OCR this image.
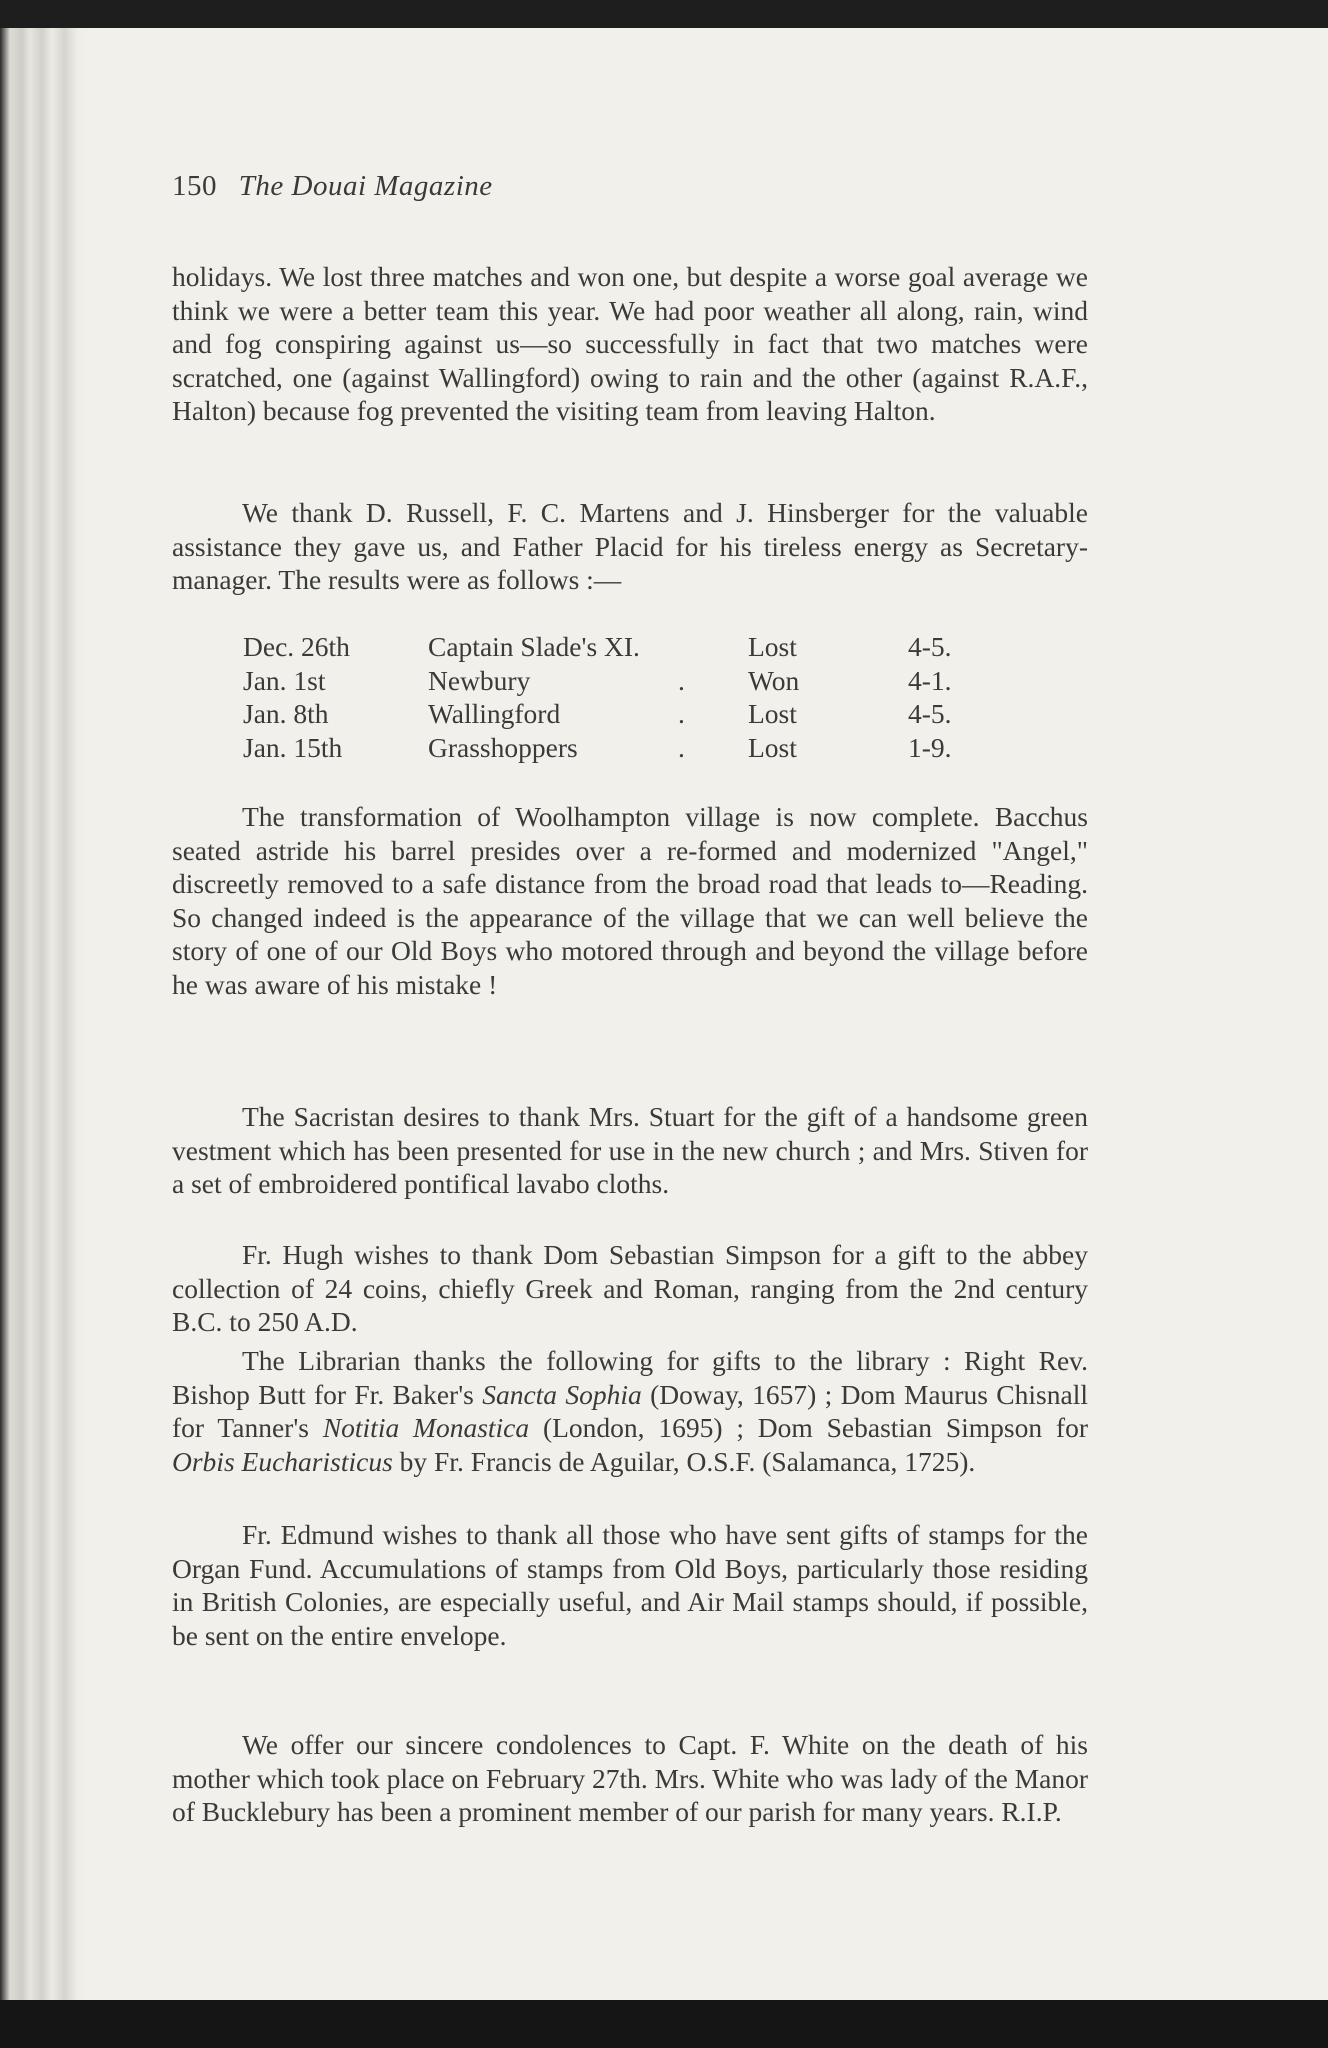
150 The Douai Magazine

holidays. We lost three matches and won one, but despite a worse goal average we think we were a better team this year. We had poor weather all along, rain, wind and fog conspiring against us—so successfully in fact that two matches were scratched, one (against Wallingford) owing to rain and the other (against R.A.F., Halton) because fog prevented the visiting team from leaving Halton.

We thank D. Russell, F. C. Martens and J. Hinsberger for the valuable assistance they gave us, and Father Placid for his tireless energy as Secretary-manager. The results were as follows :—

Dec. 26th	Captain Slade's XI.	Lost	4-5.
Jan. 1st	Newbury	.	Won	4-1.
Jan. 8th	Wallingford	.	Lost	4-5.
Jan. 15th	Grasshoppers	.	Lost	1-9.

The transformation of Woolhampton village is now complete. Bacchus seated astride his barrel presides over a re-formed and modernized "Angel," discreetly removed to a safe distance from the broad road that leads to—Reading. So changed indeed is the appearance of the village that we can well believe the story of one of our Old Boys who motored through and beyond the village before he was aware of his mistake !

The Sacristan desires to thank Mrs. Stuart for the gift of a handsome green vestment which has been presented for use in the new church ; and Mrs. Stiven for a set of embroidered pontifical lavabo cloths.

Fr. Hugh wishes to thank Dom Sebastian Simpson for a gift to the abbey collection of 24 coins, chiefly Greek and Roman, ranging from the 2nd century B.C. to 250 A.D.

The Librarian thanks the following for gifts to the library : Right Rev. Bishop Butt for Fr. Baker's Sancta Sophia (Doway, 1657) ; Dom Maurus Chisnall for Tanner's Notitia Monastica (London, 1695) ; Dom Sebastian Simpson for Orbis Eucharisticus by Fr. Francis de Aguilar, O.S.F. (Salamanca, 1725).

Fr. Edmund wishes to thank all those who have sent gifts of stamps for the Organ Fund. Accumulations of stamps from Old Boys, particularly those residing in British Colonies, are especially useful, and Air Mail stamps should, if possible, be sent on the entire envelope.

We offer our sincere condolences to Capt. F. White on the death of his mother which took place on February 27th. Mrs. White who was lady of the Manor of Bucklebury has been a prominent member of our parish for many years. R.I.P.
